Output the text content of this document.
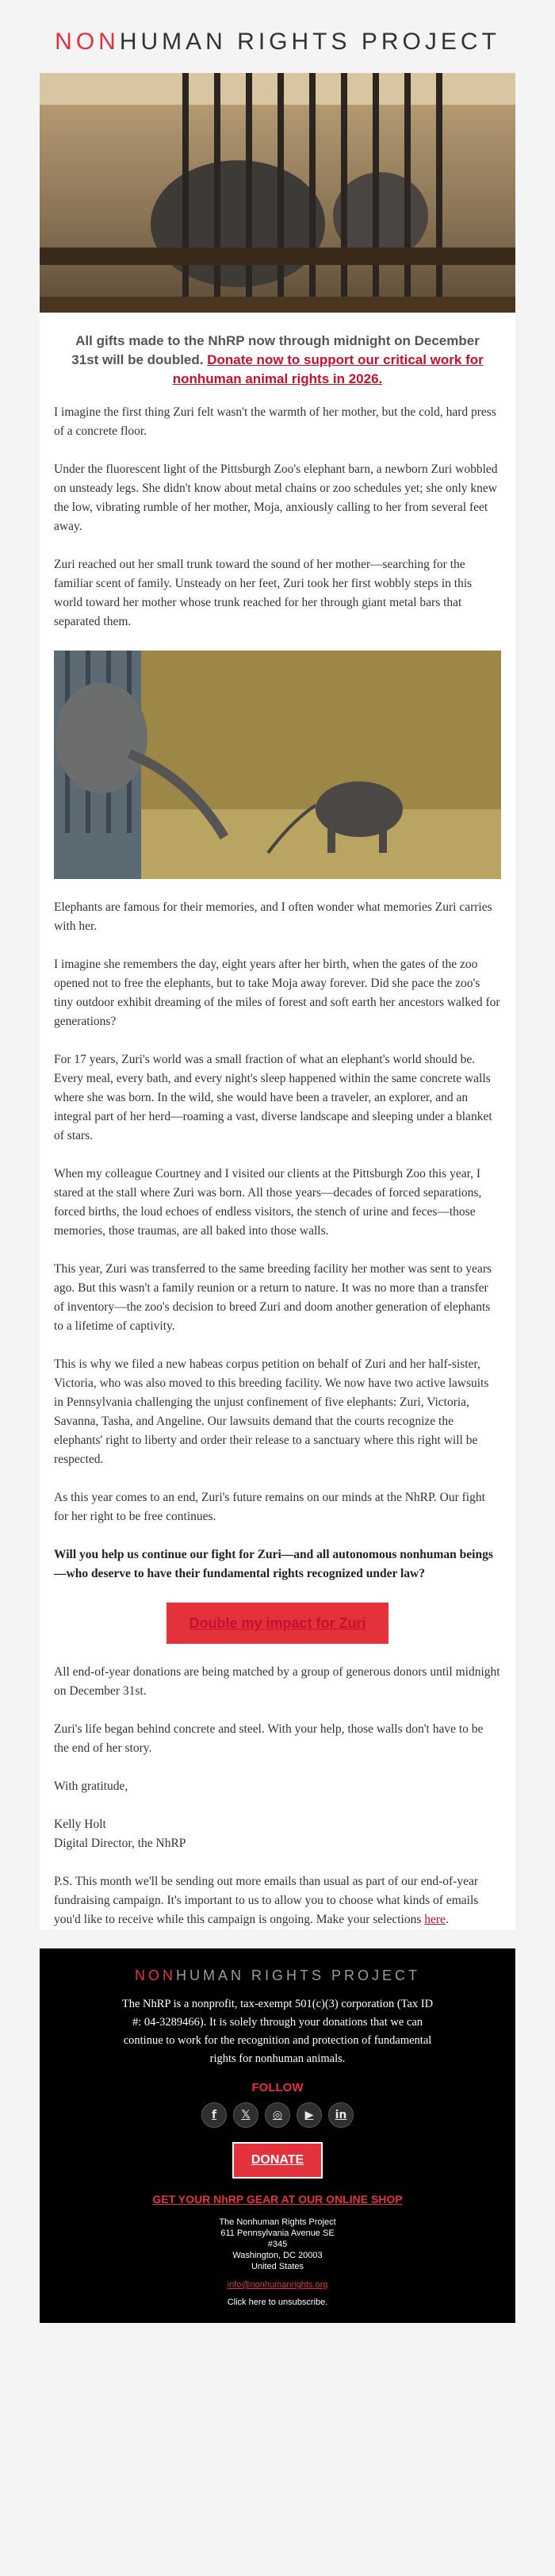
NONHUMAN RIGHTS PROJECT
All gifts made to the NhRP now through midnight on December 31st will be doubled. Donate now to support our critical work for nonhuman animal rights in 2026.

I imagine the first thing Zuri felt wasn't the warmth of her mother, but the cold, hard press of a concrete floor.

Under the fluorescent light of the Pittsburgh Zoo's elephant barn, a newborn Zuri wobbled on unsteady legs. She didn't know about metal chains or zoo schedules yet; she only knew the low, vibrating rumble of her mother, Moja, anxiously calling to her from several feet away.

Zuri reached out her small trunk toward the sound of her mother—searching for the familiar scent of family. Unsteady on her feet, Zuri took her first wobbly steps in this world toward her mother whose trunk reached for her through giant metal bars that separated them.

Elephants are famous for their memories, and I often wonder what memories Zuri carries with her.

I imagine she remembers the day, eight years after her birth, when the gates of the zoo opened not to free the elephants, but to take Moja away forever. Did she pace the zoo's tiny outdoor exhibit dreaming of the miles of forest and soft earth her ancestors walked for generations?

For 17 years, Zuri's world was a small fraction of what an elephant's world should be. Every meal, every bath, and every night's sleep happened within the same concrete walls where she was born. In the wild, she would have been a traveler, an explorer, and an integral part of her herd—roaming a vast, diverse landscape and sleeping under a blanket of stars.

When my colleague Courtney and I visited our clients at the Pittsburgh Zoo this year, I stared at the stall where Zuri was born. All those years—decades of forced separations, forced births, the loud echoes of endless visitors, the stench of urine and feces—those memories, those traumas, are all baked into those walls.

This year, Zuri was transferred to the same breeding facility her mother was sent to years ago. But this wasn't a family reunion or a return to nature. It was no more than a transfer of inventory—the zoo's decision to breed Zuri and doom another generation of elephants to a lifetime of captivity.

This is why we filed a new habeas corpus petition on behalf of Zuri and her half-sister, Victoria, who was also moved to this breeding facility. We now have two active lawsuits in Pennsylvania challenging the unjust confinement of five elephants: Zuri, Victoria, Savanna, Tasha, and Angeline. Our lawsuits demand that the courts recognize the elephants' right to liberty and order their release to a sanctuary where this right will be respected.

As this year comes to an end, Zuri's future remains on our minds at the NhRP. Our fight for her right to be free continues.

Will you help us continue our fight for Zuri—and all autonomous nonhuman beings—who deserve to have their fundamental rights recognized under law?

Double my impact for Zuri

All end-of-year donations are being matched by a group of generous donors until midnight on December 31st.

Zuri's life began behind concrete and steel. With your help, those walls don't have to be the end of her story.

With gratitude,

Kelly Holt
Digital Director, the NhRP

P.S. This month we'll be sending out more emails than usual as part of our end-of-year fundraising campaign. It's important to us to allow you to choose what kinds of emails you'd like to receive while this campaign is ongoing. Make your selections here.

NONHUMAN RIGHTS PROJECT
The NhRP is a nonprofit, tax-exempt 501(c)(3) corporation (Tax ID #: 04-3289466). It is solely through your donations that we can continue to work for the recognition and protection of fundamental rights for nonhuman animals.
FOLLOW
f	𝕏	◎	▶	in
DONATE
GET YOUR NhRP GEAR AT OUR ONLINE SHOP
The Nonhuman Rights Project
611 Pennsylvania Avenue SE
#345
Washington, DC 20003
United States
info@nonhumanrights.org
Click here to unsubscribe.
